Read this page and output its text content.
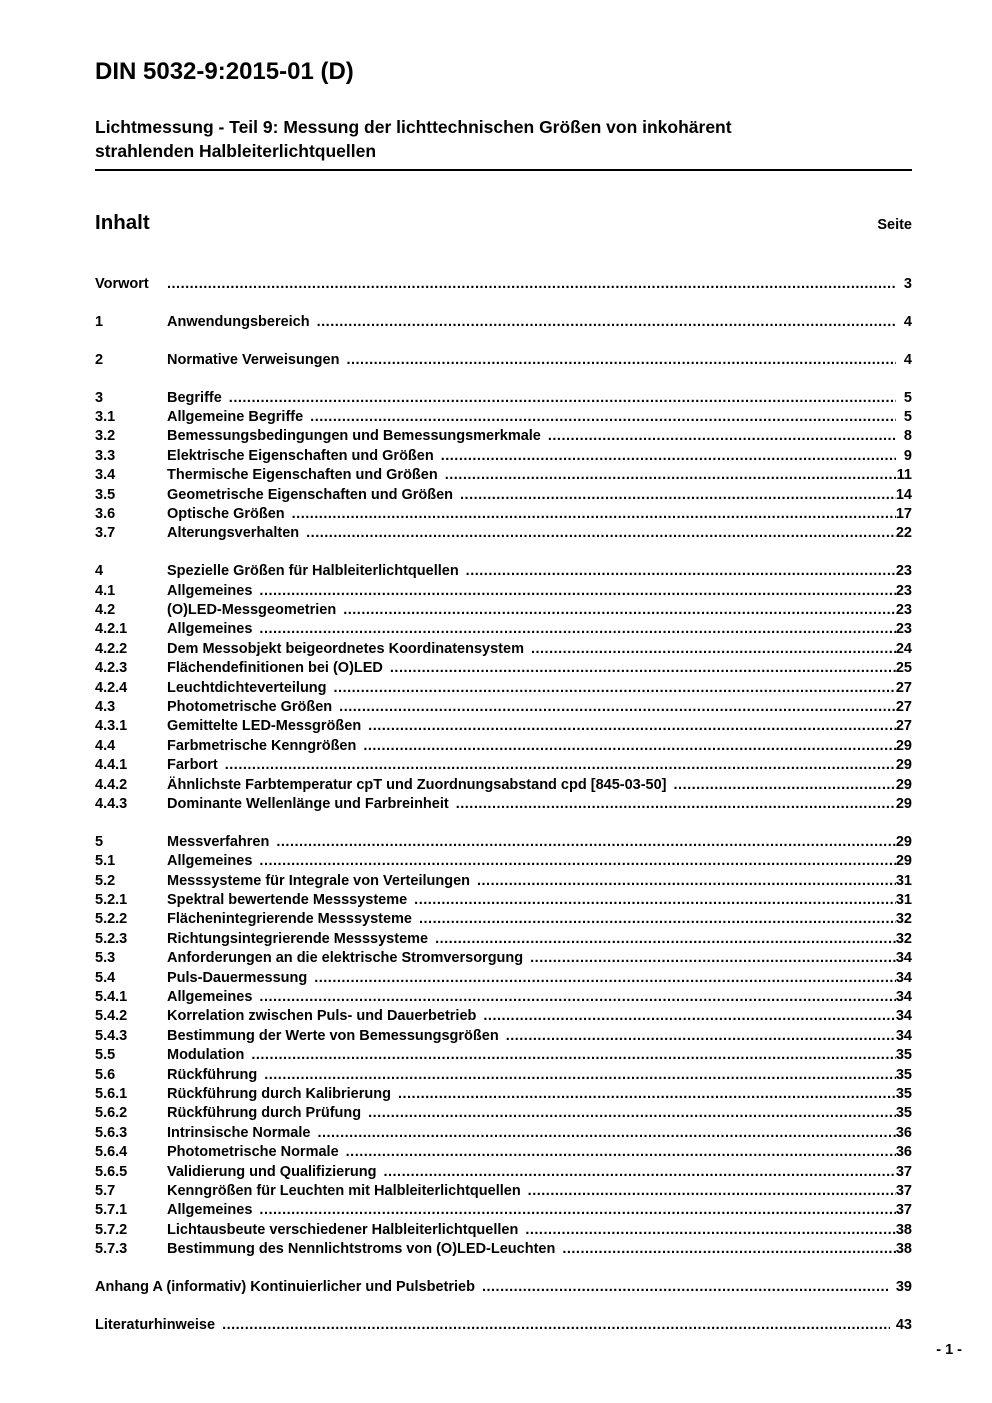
DIN 5032-9:2015-01 (D)
Lichtmessung - Teil 9: Messung der lichttechnischen Größen von inkohärent
strahlenden Halbleiterlichtquellen
Inhalt	Seite
Vorwort .....	3
1	Anwendungsbereich .....	4
2	Normative Verweisungen .....	4
3	Begriffe .....	5
3.1	Allgemeine Begriffe .....	5
3.2	Bemessungsbedingungen und Bemessungsmerkmale .....	8
3.3	Elektrische Eigenschaften und Größen .....	9
3.4	Thermische Eigenschaften und Größen .....	11
3.5	Geometrische Eigenschaften und Größen .....	14
3.6	Optische Größen .....	17
3.7	Alterungsverhalten .....	22
4	Spezielle Größen für Halbleiterlichtquellen .....	23
4.1	Allgemeines .....	23
4.2	(O)LED-Messgeometrien .....	23
4.2.1	Allgemeines .....	23
4.2.2	Dem Messobjekt beigeordnetes Koordinatensystem .....	24
4.2.3	Flächendefinitionen bei (O)LED .....	25
4.2.4	Leuchtdichteverteilung .....	27
4.3	Photometrische Größen .....	27
4.3.1	Gemittelte LED-Messgrößen .....	27
4.4	Farbmetrische Kenngrößen .....	29
4.4.1	Farbort .....	29
4.4.2	Ähnlichste Farbtemperatur cpT und Zuordnungsabstand cpd [845-03-50] .....	29
4.4.3	Dominante Wellenlänge und Farbreinheit .....	29
5	Messverfahren .....	29
5.1	Allgemeines .....	29
5.2	Messsysteme für Integrale von Verteilungen .....	31
5.2.1	Spektral bewertende Messsysteme .....	31
5.2.2	Flächenintegrierende Messsysteme .....	32
5.2.3	Richtungsintegrierende Messsysteme .....	32
5.3	Anforderungen an die elektrische Stromversorgung .....	34
5.4	Puls-Dauermessung .....	34
5.4.1	Allgemeines .....	34
5.4.2	Korrelation zwischen Puls- und Dauerbetrieb .....	34
5.4.3	Bestimmung der Werte von Bemessungsgrößen .....	34
5.5	Modulation .....	35
5.6	Rückführung .....	35
5.6.1	Rückführung durch Kalibrierung .....	35
5.6.2	Rückführung durch Prüfung .....	35
5.6.3	Intrinsische Normale .....	36
5.6.4	Photometrische Normale .....	36
5.6.5	Validierung und Qualifizierung .....	37
5.7	Kenngrößen für Leuchten mit Halbleiterlichtquellen .....	37
5.7.1	Allgemeines .....	37
5.7.2	Lichtausbeute verschiedener Halbleiterlichtquellen .....	38
5.7.3	Bestimmung des Nennlichtstroms von (O)LED-Leuchten .....	38
Anhang A (informativ) Kontinuierlicher und Pulsbetrieb .....	39
Literaturhinweise .....	43
- 1 -
